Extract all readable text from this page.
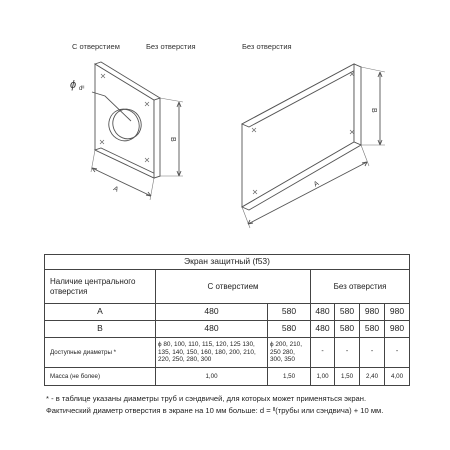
С отверстием	Без отверстия	Без отверстия
ϕ dᴵᴵ
A
B
A
B
Экран защитный (f53)						
Наличие центрального отверстия	С отверстием		Без отверстия			
A	480	580	480	580	980	980
B	480	580	480	580	580	980
Доступные диаметры *	ϕ 80, 100, 110, 115, 120, 125 130, 135, 140, 150, 160, 180, 200, 210, 220, 250, 280, 300	ϕ 200, 210, 250 280, 300, 350	-	-	-	-
Масса (не более)	1,00	1,50	1,00	1,50	2,40	4,00
* - в таблице указаны диаметры труб и сэндвичей, для которых может применяться экран.
Фактический диаметр отверстия в экране на 10 мм больше: d = ᴵᴵ(трубы или сэндвича) + 10 мм.
